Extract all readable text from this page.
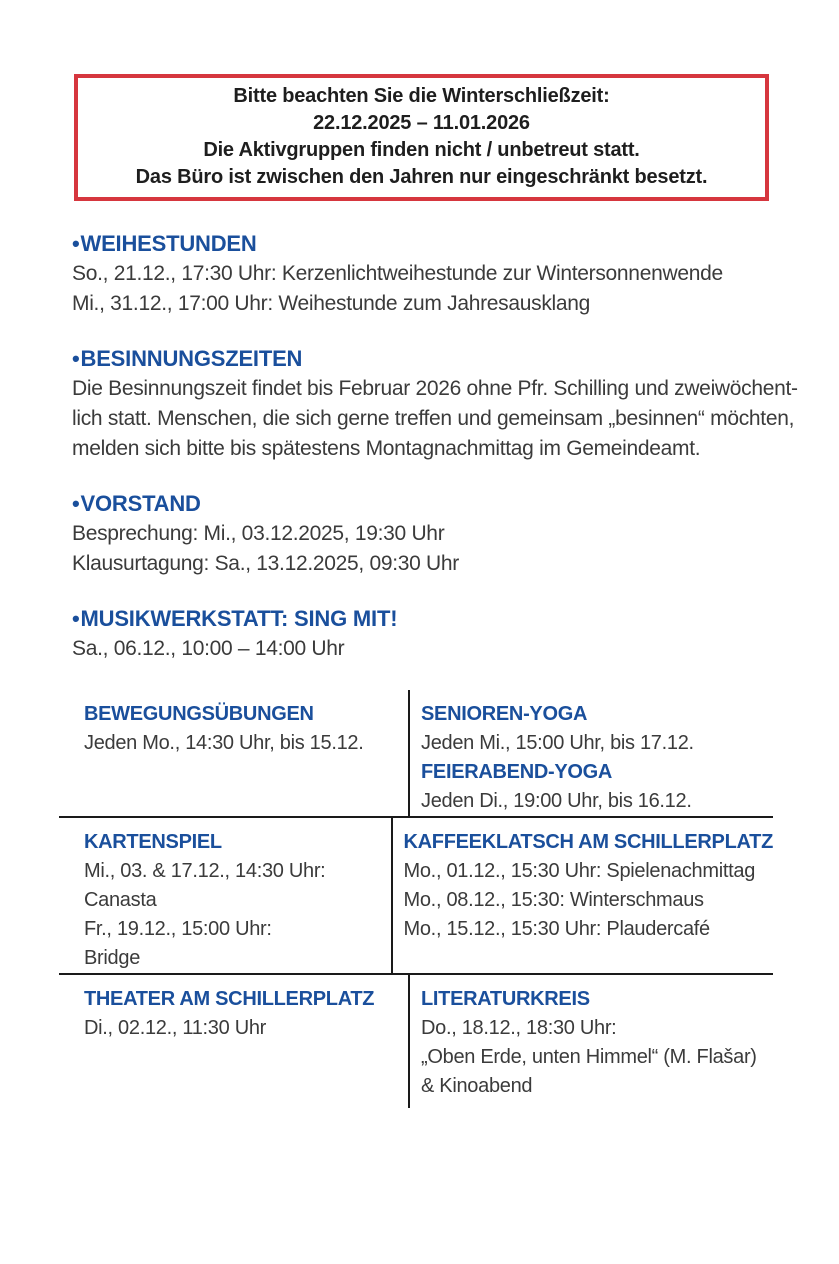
Bitte beachten Sie die Winterschließzeit:
22.12.2025 – 11.01.2026
Die Aktivgruppen finden nicht / unbetreut statt.
Das Büro ist zwischen den Jahren nur eingeschränkt besetzt.
•WEIHESTUNDEN
So., 21.12., 17:30 Uhr: Kerzenlichtweihestunde zur Wintersonnenwende
Mi., 31.12., 17:00 Uhr: Weihestunde zum Jahresausklang
•BESINNUNGSZEITEN
Die Besinnungszeit findet bis Februar 2026 ohne Pfr. Schilling und zweiwöchent-
lich statt. Menschen, die sich gerne treffen und gemeinsam „besinnen“ möchten,
melden sich bitte bis spätestens Montagnachmittag im Gemeindeamt.
•VORSTAND
Besprechung: Mi., 03.12.2025, 19:30 Uhr
Klausurtagung: Sa., 13.12.2025, 09:30 Uhr
•MUSIKWERKSTATT: SING MIT!
Sa., 06.12., 10:00 – 14:00 Uhr
BEWEGUNGSÜBUNGEN
Jeden Mo., 14:30 Uhr, bis 15.12.
SENIOREN-YOGA
Jeden Mi., 15:00 Uhr, bis 17.12.
FEIERABEND-YOGA
Jeden Di., 19:00 Uhr, bis 16.12.
KARTENSPIEL
Mi., 03. & 17.12., 14:30 Uhr:
Canasta
Fr., 19.12., 15:00 Uhr:
Bridge
KAFFEEKLATSCH AM SCHILLERPLATZ
Mo., 01.12., 15:30 Uhr: Spielenachmittag
Mo., 08.12., 15:30: Winterschmaus
Mo., 15.12., 15:30 Uhr: Plaudercafé
THEATER AM SCHILLERPLATZ
Di., 02.12., 11:30 Uhr
LITERATURKREIS
Do., 18.12., 18:30 Uhr:
„Oben Erde, unten Himmel“ (M. Flašar)
& Kinoabend
